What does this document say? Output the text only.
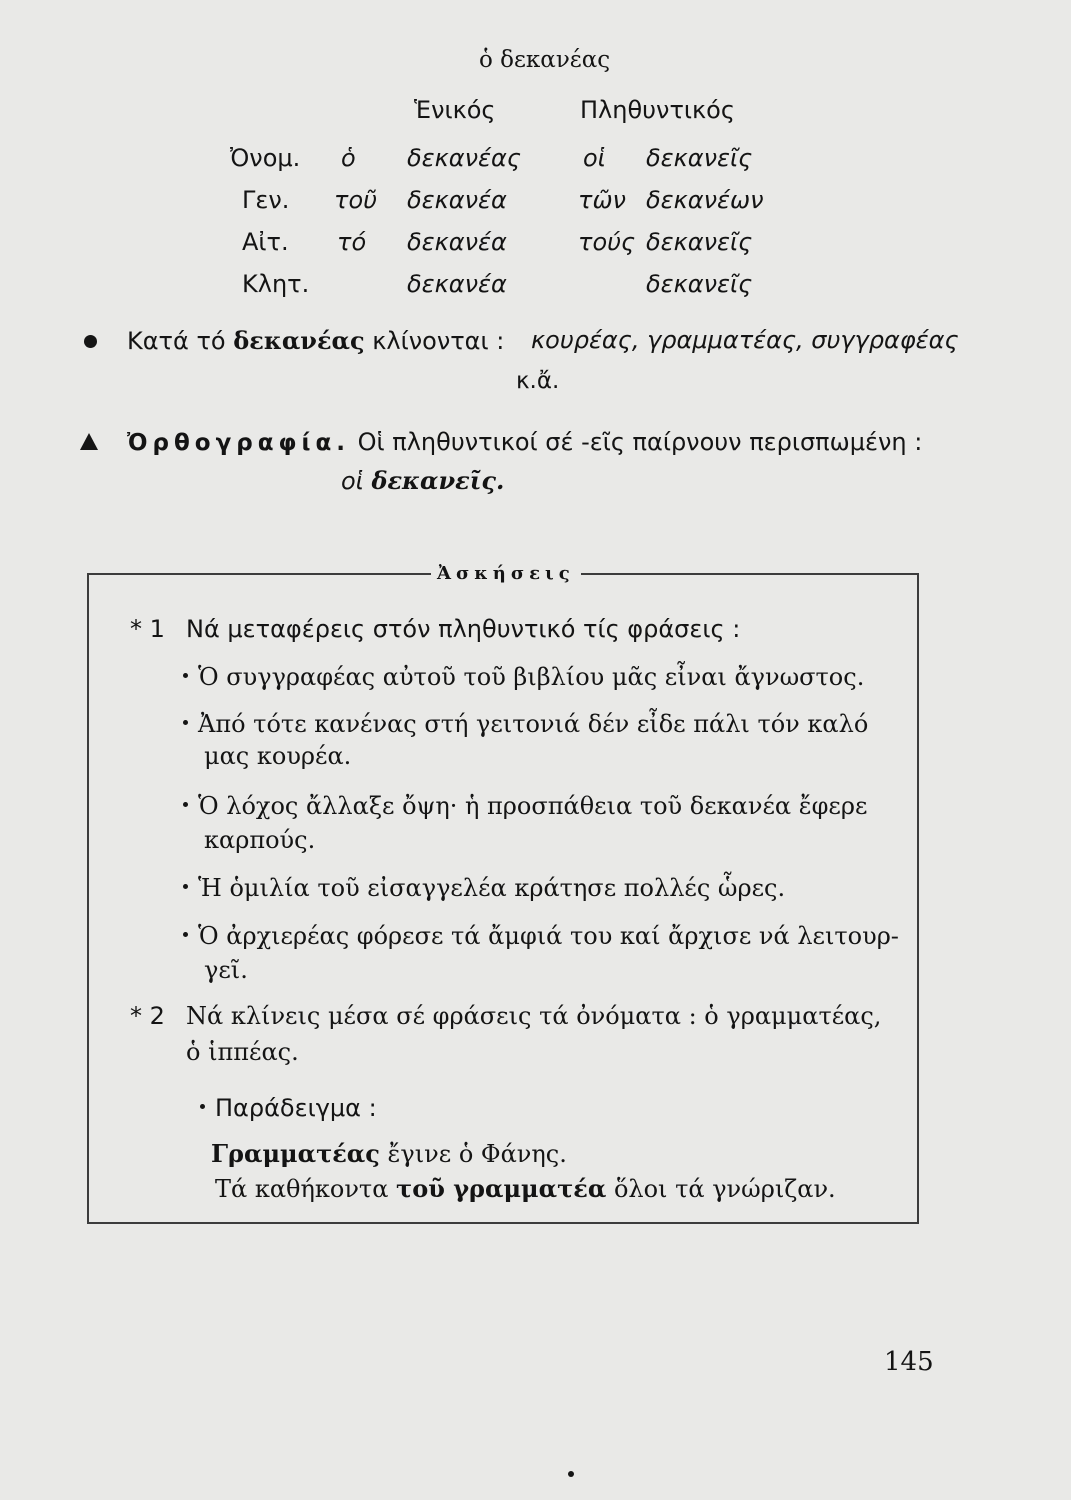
ὁ δεκανέας
Ἑνικός	Πληθυντικός
Ὀνομ. ὁ δεκανέας	οἱ δεκανεῖς
Γεν. τοῦ δεκανέα	τῶν δεκανέων
Αἰτ. τό δεκανέα	τούς δεκανεῖς
Κλητ.	δεκανέα	δεκανεῖς
Κατά τό δεκανέας κλίνονται : κουρέας, γραμματέας, συγγραφέας
κ.ἄ.
Ὀρθογραφία. Οἱ πληθυντικοί σέ -εῖς παίρνουν περισπωμένη :
οἱ δεκανεῖς.
Ἀσκήσεις
* 1 Νά μεταφέρεις στόν πληθυντικό τίς φράσεις :
Ὁ συγγραφέας αὐτοῦ τοῦ βιβλίου μᾶς εἶναι ἄγνωστος.
Ἀπό τότε κανένας στή γειτονιά δέν εἶδε πάλι τόν καλό
μας κουρέα.
Ὁ λόχος ἄλλαξε ὄψη· ἡ προσπάθεια τοῦ δεκανέα ἔφερε
καρπούς.
Ἡ ὁμιλία τοῦ εἰσαγγελέα κράτησε πολλές ὧρες.
Ὁ ἀρχιερέας φόρεσε τά ἄμφιά του καί ἄρχισε νά λειτουρ-
γεῖ.
* 2 Νά κλίνεις μέσα σέ φράσεις τά ὀνόματα : ὁ γραμματέας,
ὁ ἱππέας.
Παράδειγμα :
Γραμματέας ἔγινε ὁ Φάνης.
Τά καθήκοντα τοῦ γραμματέα ὅλοι τά γνώριζαν.
145
